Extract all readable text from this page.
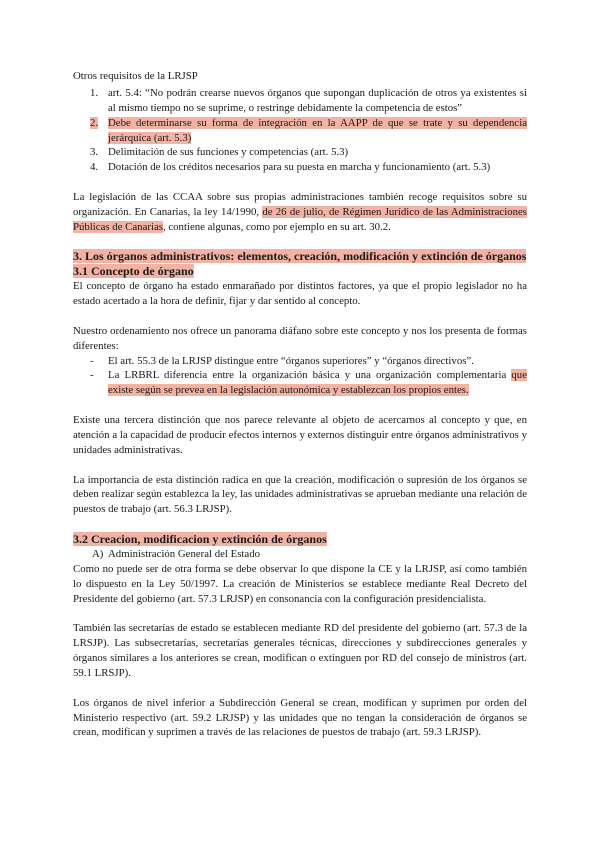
Otros requisitos de la LRJSP

1. art. 5.4: “No podrán crearse nuevos órganos que supongan duplicación de otros ya existentes si al mismo tiempo no se suprime, o restringe debidamente la competencia de estos”
2. Debe determinarse su forma de integración en la AAPP de que se trate y su dependencia jerárquica (art. 5.3)
3. Delimitación de sus funciones y competencias (art. 5.3)
4. Dotación de los créditos necesarios para su puesta en marcha y funcionamiento (art. 5.3)

La legislación de las CCAA sobre sus propias administraciones también recoge requisitos sobre su organización. En Canarias, la ley 14/1990, de 26 de julio, de Régimen Jurídico de las Administraciones Públicas de Canarias, contiene algunas, como por ejemplo en su art. 30.2.

3. Los órganos administrativos: elementos, creación, modificación y extinción de órganos
3.1 Concepto de órgano

El concepto de órgano ha estado enmarañado por distintos factores, ya que el propio legislador no ha estado acertado a la hora de definir, fijar y dar sentido al concepto.

Nuestro ordenamiento nos ofrece un panorama diáfano sobre este concepto y nos los presenta de formas diferentes:

-	El art. 55.3 de la LRJSP distingue entre “órganos superiores” y “órganos directivos”.
-	La LRBRL diferencia entre la organización básica y una organización complementaria que existe según se prevea en la legislación autonómica y establezcan los propios entes.

Existe una tercera distinción que nos parece relevante al objeto de acercarnos al concepto y que, en atención a la capacidad de producir efectos internos y externos distinguir entre órganos administrativos y unidades administrativas.

La importancia de esta distinción radica en que la creación, modificación o supresión de los órganos se deben realizar según establezca la ley, las unidades administrativas se aprueban mediante una relación de puestos de trabajo (art. 56.3 LRJSP).

3.2 Creacion, modificacion y extinción de órganos
A) Administración General del Estado

Como no puede ser de otra forma se debe observar lo que dispone la CE y la LRJSP, así como también lo dispuesto en la Ley 50/1997. La creación de Ministerios se establece mediante Real Decreto del Presidente del gobierno (art. 57.3 LRJSP) en consonancia con la configuración presidencialista.

También las secretarías de estado se establecen mediante RD del presidente del gobierno (art. 57.3 de la LRSJP). Las subsecretarías, secretarías generales técnicas, direcciones y subdirecciones generales y órganos similares a los anteriores se crean, modifican o extinguen por RD del consejo de ministros (art. 59.1 LRSJP).

Los órganos de nivel inferior a Subdirección General se crean, modifican y suprimen por orden del Ministerio respectivo (art. 59.2 LRJSP) y las unidades que no tengan la consideración de órganos se crean, modifican y suprimen a través de las relaciones de puestos de trabajo (art. 59.3 LRJSP).
